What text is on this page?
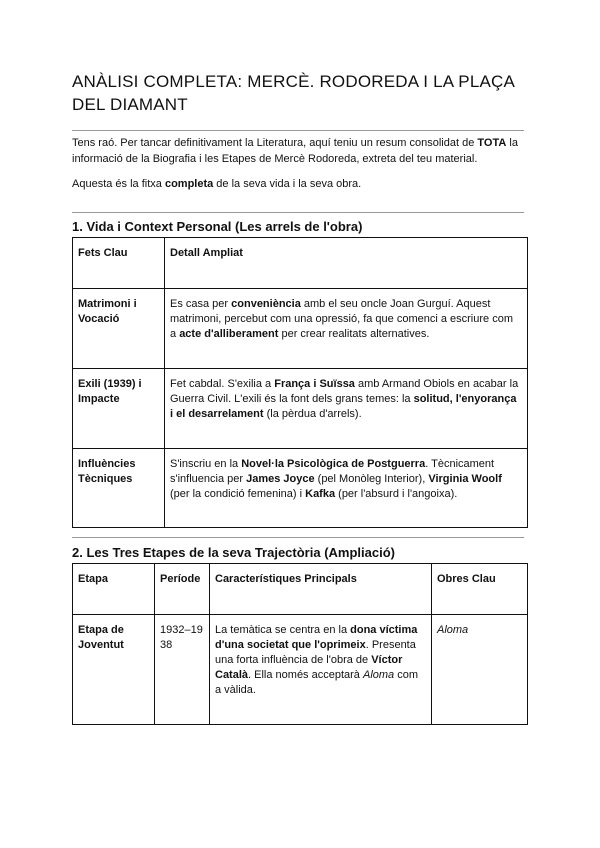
ANÀLISI COMPLETA: MERCÈ. RODOREDA I LA PLAÇA DEL DIAMANT

Tens raó. Per tancar definitivament la Literatura, aquí teniu un resum consolidat de TOTA la informació de la Biografia i les Etapes de Mercè Rodoreda, extreta del teu material.

Aquesta és la fitxa completa de la seva vida i la seva obra.

1. Vida i Context Personal (Les arrels de l'obra)
Fets Clau	Detall Ampliat
Matrimoni i Vocació	Es casa per conveniència amb el seu oncle Joan Gurguí. Aquest matrimoni, percebut com una opressió, fa que comenci a escriure com a acte d'alliberament per crear realitats alternatives.
Exili (1939) i Impacte	Fet cabdal. S'exilia a França i Suïssa amb Armand Obiols en acabar la Guerra Civil. L'exili és la font dels grans temes: la solitud, l'enyorança i el desarrelament (la pèrdua d'arrels).
Influències Tècniques	S'inscriu en la Novel·la Psicològica de Postguerra. Tècnicament s'influencia per James Joyce (pel Monòleg Interior), Virginia Woolf (per la condició femenina) i Kafka (per l'absurd i l'angoixa).
2. Les Tres Etapes de la seva Trajectòria (Ampliació)
Etapa	Període	Característiques Principals	Obres Clau
Etapa de Joventut	1932–1938	La temàtica se centra en la dona víctima d'una societat que l'oprimeix. Presenta una forta influència de l'obra de Víctor Català. Ella només acceptarà Aloma com a vàlida.	Aloma
